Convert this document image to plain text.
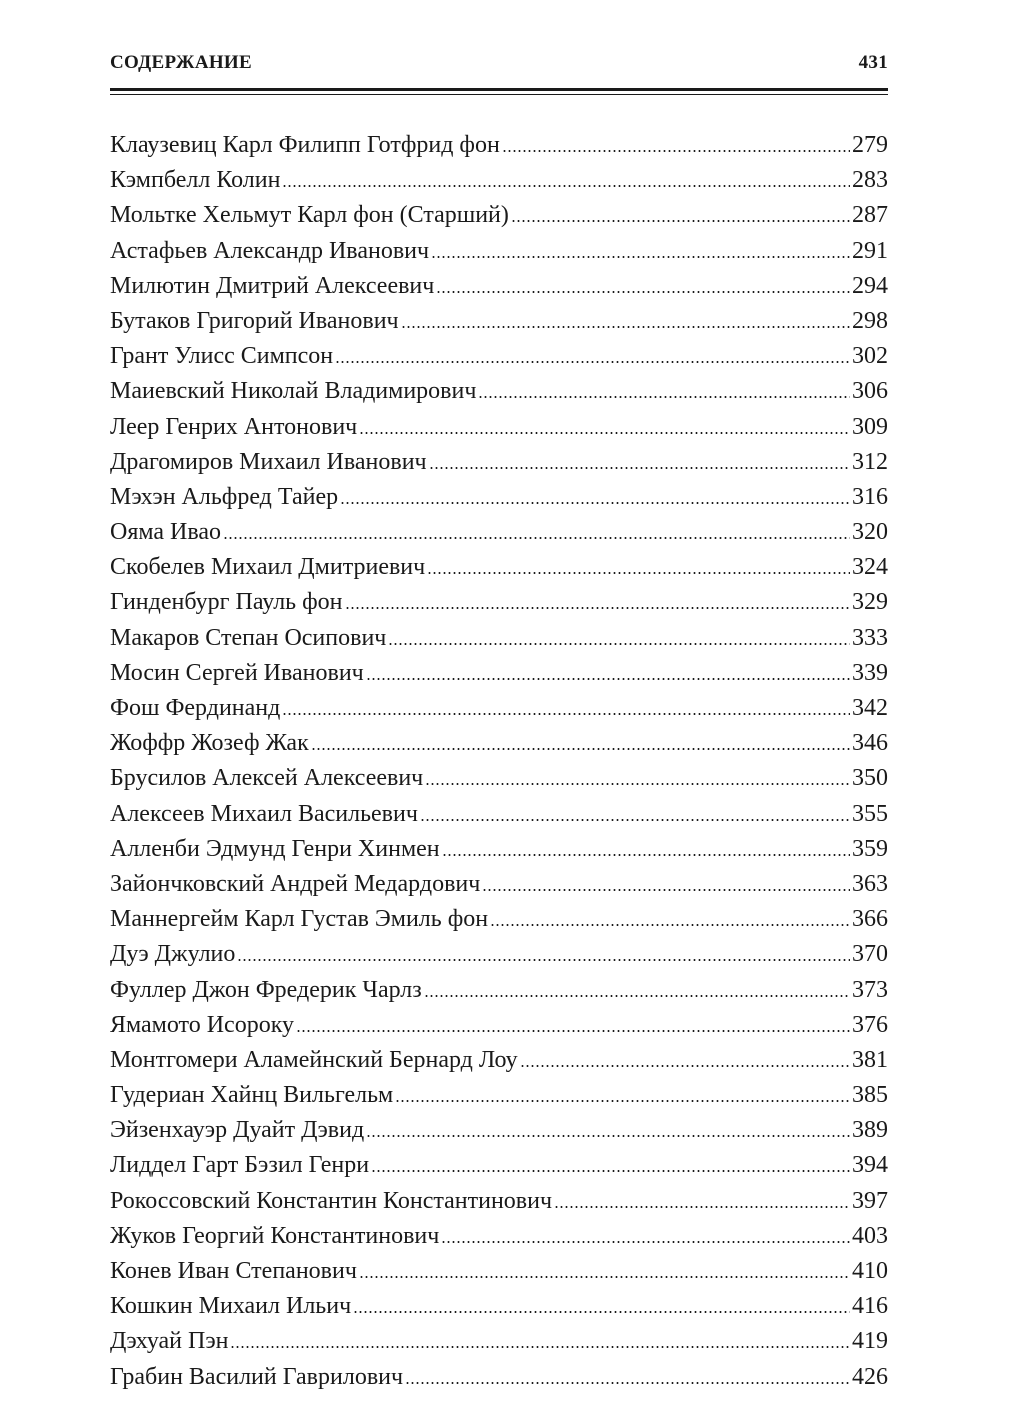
СОДЕРЖАНИЕ	431
Клаузевиц Карл Филипп Готфрид фон	279
Кэмпбелл Колин	283
Мольтке Хельмут Карл фон (Старший)	287
Астафьев Александр Иванович	291
Милютин Дмитрий Алексеевич	294
Бутаков Григорий Иванович	298
Грант Улисс Симпсон	302
Маиевский Николай Владимирович	306
Леер Генрих Антонович	309
Драгомиров Михаил Иванович	312
Мэхэн Альфред Тайер	316
Ояма Ивао	320
Скобелев Михаил Дмитриевич	324
Гинденбург Пауль фон	329
Макаров Степан Осипович	333
Мосин Сергей Иванович	339
Фош Фердинанд	342
Жоффр Жозеф Жак	346
Брусилов Алексей Алексеевич	350
Алексеев Михаил Васильевич	355
Алленби Эдмунд Генри Хинмен	359
Зайончковский Андрей Медардович	363
Маннергейм Карл Густав Эмиль фон	366
Дуэ Джулио	370
Фуллер Джон Фредерик Чарлз	373
Ямамото Исороку	376
Монтгомери Аламейнский Бернард Лоу	381
Гудериан Хайнц Вильгельм	385
Эйзенхауэр Дуайт Дэвид	389
Лиддел Гарт Бэзил Генри	394
Рокоссовский Константин Константинович	397
Жуков Георгий Константинович	403
Конев Иван Степанович	410
Кошкин Михаил Ильич	416
Дэхуай Пэн	419
Грабин Василий Гаврилович	426
